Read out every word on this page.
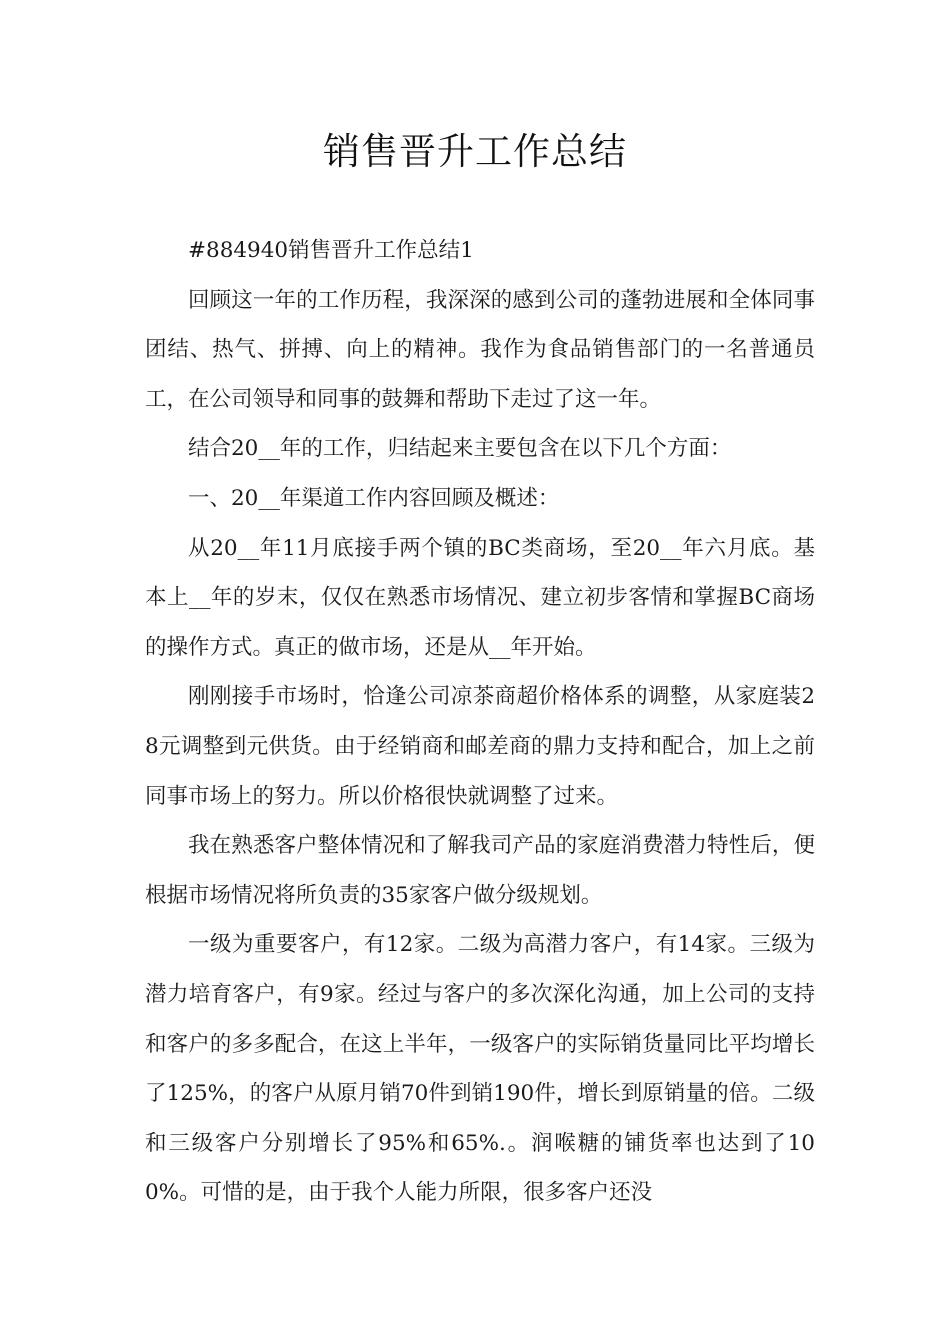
销售晋升工作总结

#884940销售晋升工作总结1

回顾这一年的工作历程，我深深的感到公司的蓬勃进展和全体同事团结、热气、拼搏、向上的精神。我作为食品销售部门的一名普通员工，在公司领导和同事的鼓舞和帮助下走过了这一年。

结合20__年的工作，归结起来主要包含在以下几个方面：

一、20__年渠道工作内容回顾及概述：

从20__年11月底接手两个镇的BC类商场，至20__年六月底。基本上__年的岁末，仅仅在熟悉市场情况、建立初步客情和掌握BC商场的操作方式。真正的做市场，还是从__年开始。

刚刚接手市场时，恰逢公司凉茶商超价格体系的调整，从家庭装28元调整到元供货。由于经销商和邮差商的鼎力支持和配合，加上之前同事市场上的努力。所以价格很快就调整了过来。

我在熟悉客户整体情况和了解我司产品的家庭消费潜力特性后，便根据市场情况将所负责的35家客户做分级规划。

一级为重要客户，有12家。二级为高潜力客户，有14家。三级为潜力培育客户，有9家。经过与客户的多次深化沟通，加上公司的支持和客户的多多配合，在这上半年，一级客户的实际销货量同比平均增长了125%，的客户从原月销70件到销190件，增长到原销量的倍。二级和三级客户分别增长了95%和65%.。润喉糖的铺货率也达到了100%。可惜的是，由于我个人能力所限，很多客户还没
